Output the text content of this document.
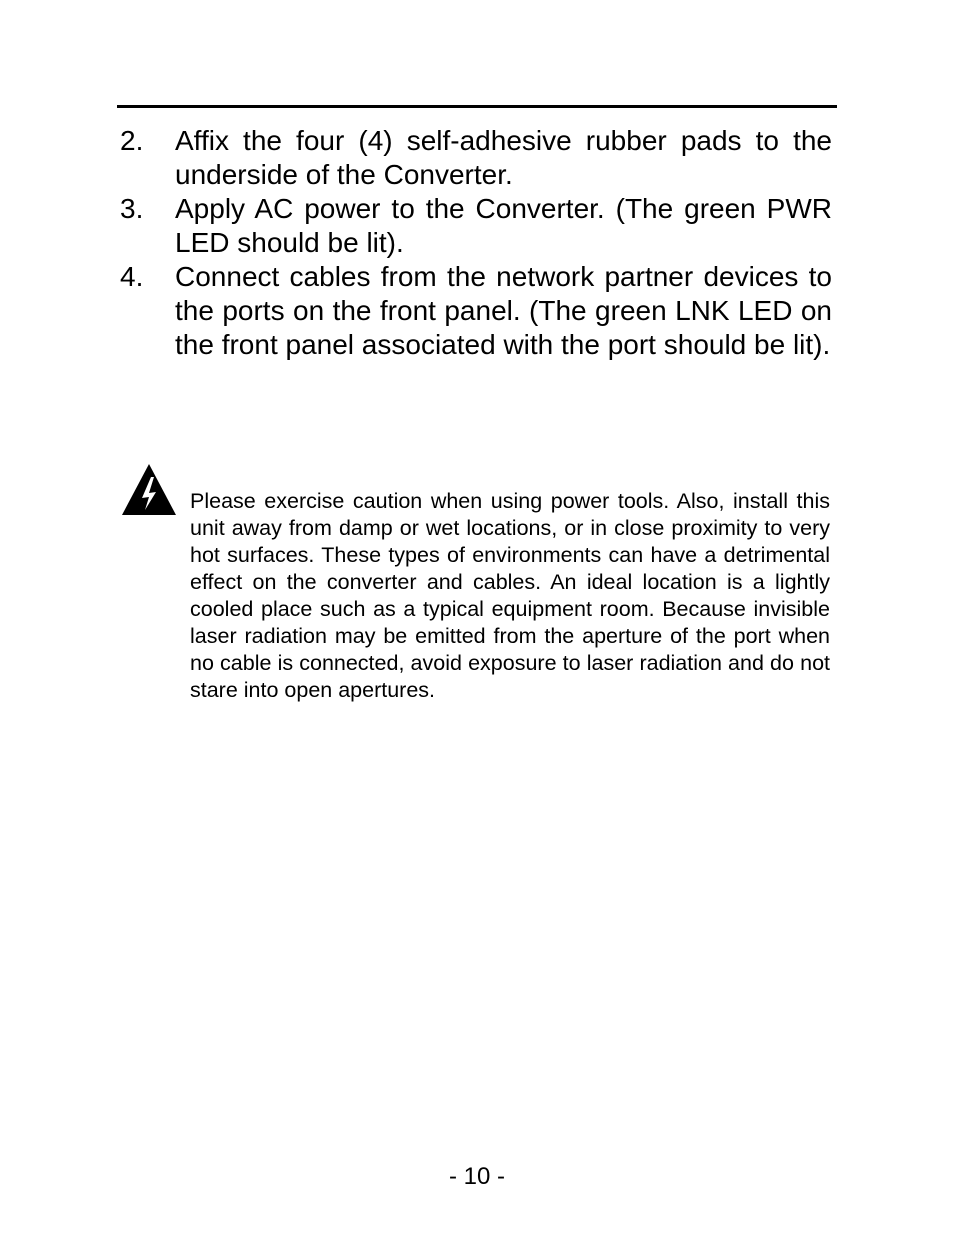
2. Affix the four (4) self-adhesive rubber pads to the underside of the Converter.
3. Apply AC power to the Converter. (The green PWR LED should be lit).
4. Connect cables from the network partner devices to the ports on the front panel. (The green LNK LED on the front panel associated with the port should be lit).

Please exercise caution when using power tools. Also, install this unit away from damp or wet locations, or in close proximity to very hot surfaces. These types of environments can have a detrimental effect on the converter and cables. An ideal location is a lightly cooled place such as a typical equipment room. Because invisible laser radiation may be emitted from the aperture of the port when no cable is connected, avoid exposure to laser radiation and do not stare into open apertures.

- 10 -
